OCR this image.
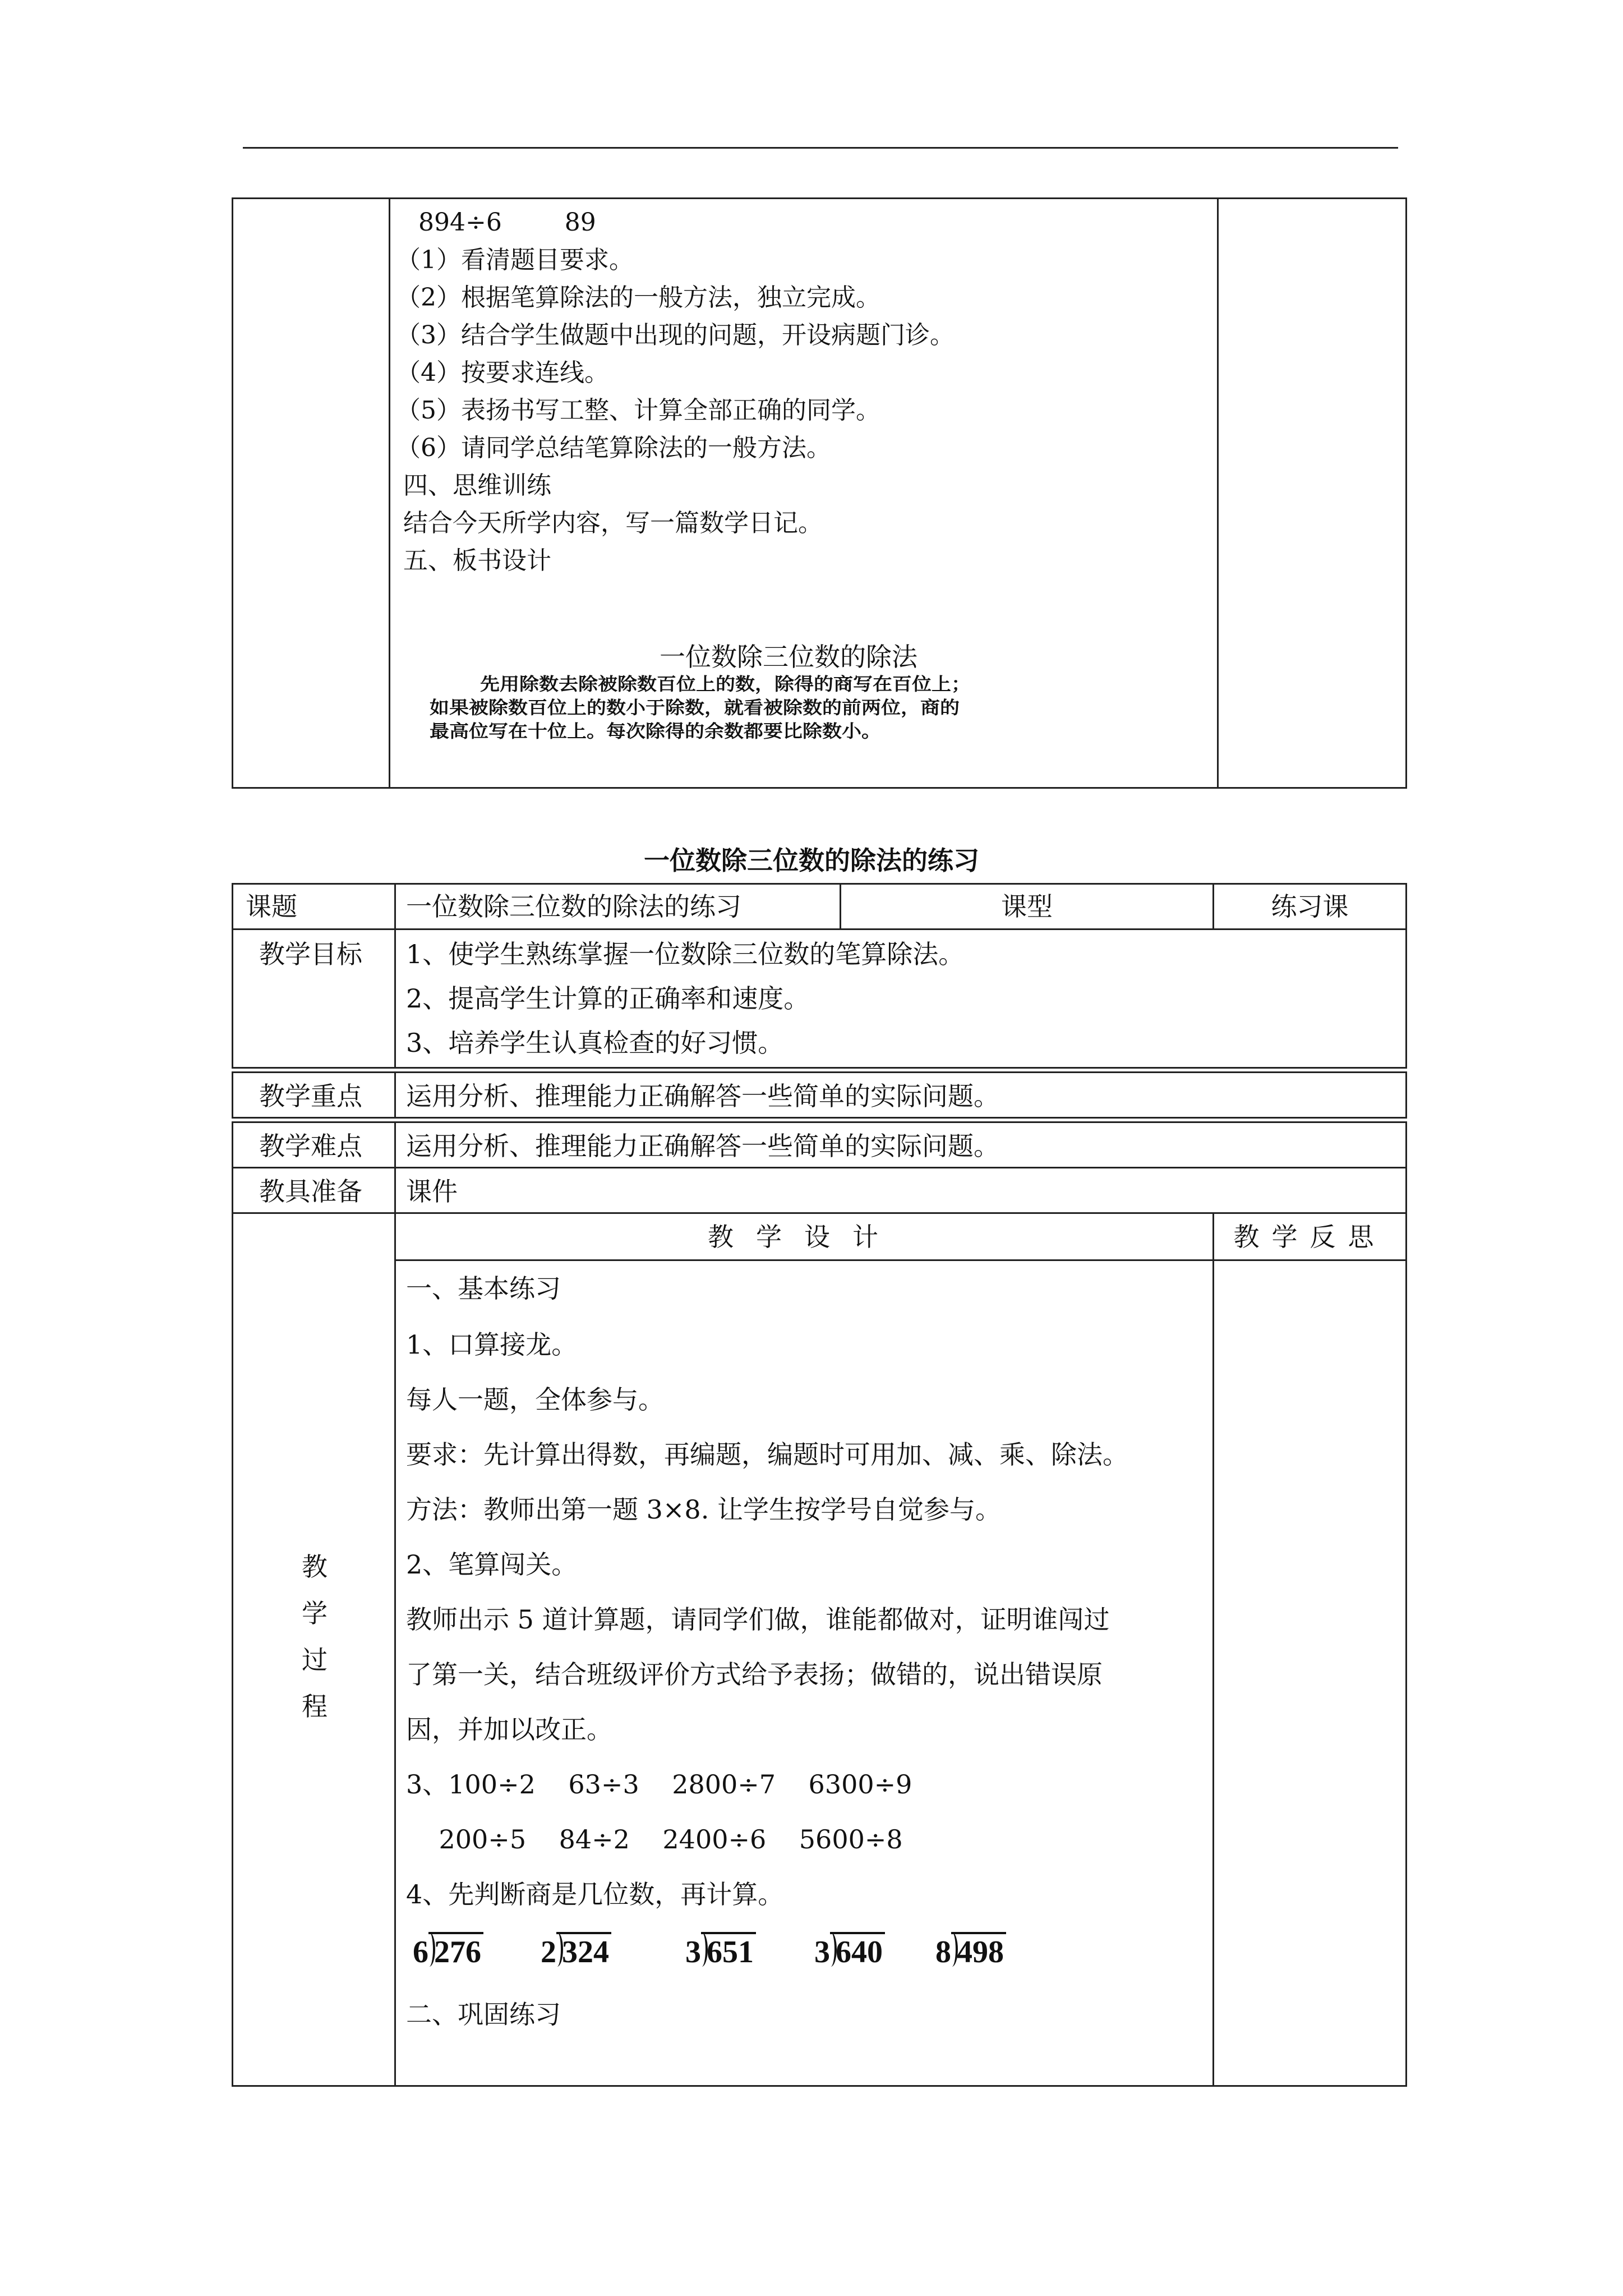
894÷6        89
（1）看清题目要求。
（2）根据笔算除法的一般方法，独立完成。
（3）结合学生做题中出现的问题，开设病题门诊。
（4）按要求连线。
（5）表扬书写工整、计算全部正确的同学。
（6）请同学总结笔算除法的一般方法。
四、思维训练
结合今天所学内容，写一篇数学日记。
五、板书设计
一位数除三位数的除法
先用除数去除被除数百位上的数，除得的商写在百位上；
如果被除数百位上的数小于除数，就看被除数的前两位，商的
最高位写在十位上。每次除得的余数都要比除数小。
一位数除三位数的除法的练习
课题	一位数除三位数的除法的练习	课型	练习课
教学目标 1、使学生熟练掌握一位数除三位数的笔算除法。
2、提高学生计算的正确率和速度。
3、培养学生认真检查的好习惯。
教学重点 运用分析、推理能力正确解答一些简单的实际问题。
教学难点 运用分析、推理能力正确解答一些简单的实际问题。
教具准备 课件
教
学
过
程
教学设计
一、基本练习
1、口算接龙。
每人一题，全体参与。
要求：先计算出得数，再编题，编题时可用加、减、乘、除法。
方法：教师出第一题 3×8. 让学生按学号自觉参与。
2、笔算闯关。
教师出示 5 道计算题，请同学们做，谁能都做对，证明谁闯过
了第一关，结合班级评价方式给予表扬；做错的，说出错误原
因，并加以改正。
3、100÷2    63÷3    2800÷7    6300÷9
200÷5    84÷2    2400÷6    5600÷8
4、先判断商是几位数，再计算。
6 276 2 324 3 651 3 640 8 498
二、巩固练习
教学反思
